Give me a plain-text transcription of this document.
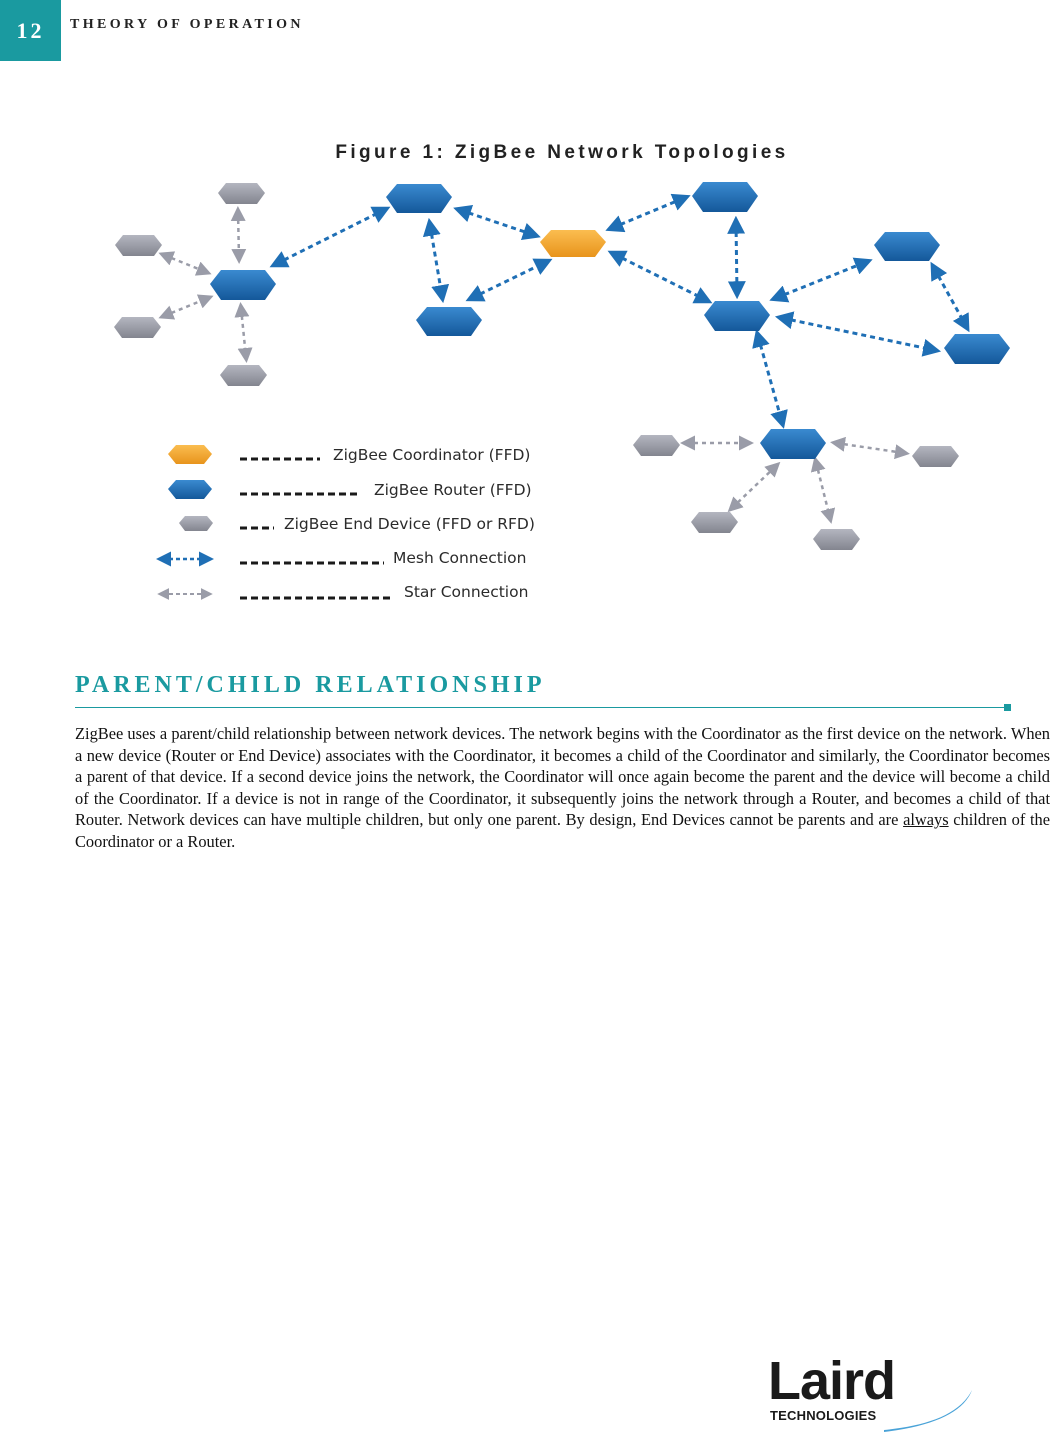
12	THEORY OF OPERATION
Figure 1: ZigBee Network Topologies
ZigBee Coordinator (FFD)
ZigBee Router (FFD)
ZigBee End Device (FFD or RFD)
Mesh Connection
Star Connection
PARENT/CHILD RELATIONSHIP
ZigBee uses a parent/child relationship between network devices. The network begins with the Coordinator as the first device on the network. When a new device (Router or End Device) associates with the Coordinator, it becomes a child of the Coordinator and similarly, the Coordinator becomes a parent of that device. If a second device joins the network, the Coordinator will once again become the parent and the device will become a child of the Coordinator. If a device is not in range of the Coordinator, it subsequently joins the network through a Router, and becomes a child of that Router. Network devices can have multiple children, but only one parent. By design, End Devices cannot be parents and are always children of the Coordinator or a Router.
Laird
TECHNOLOGIES
